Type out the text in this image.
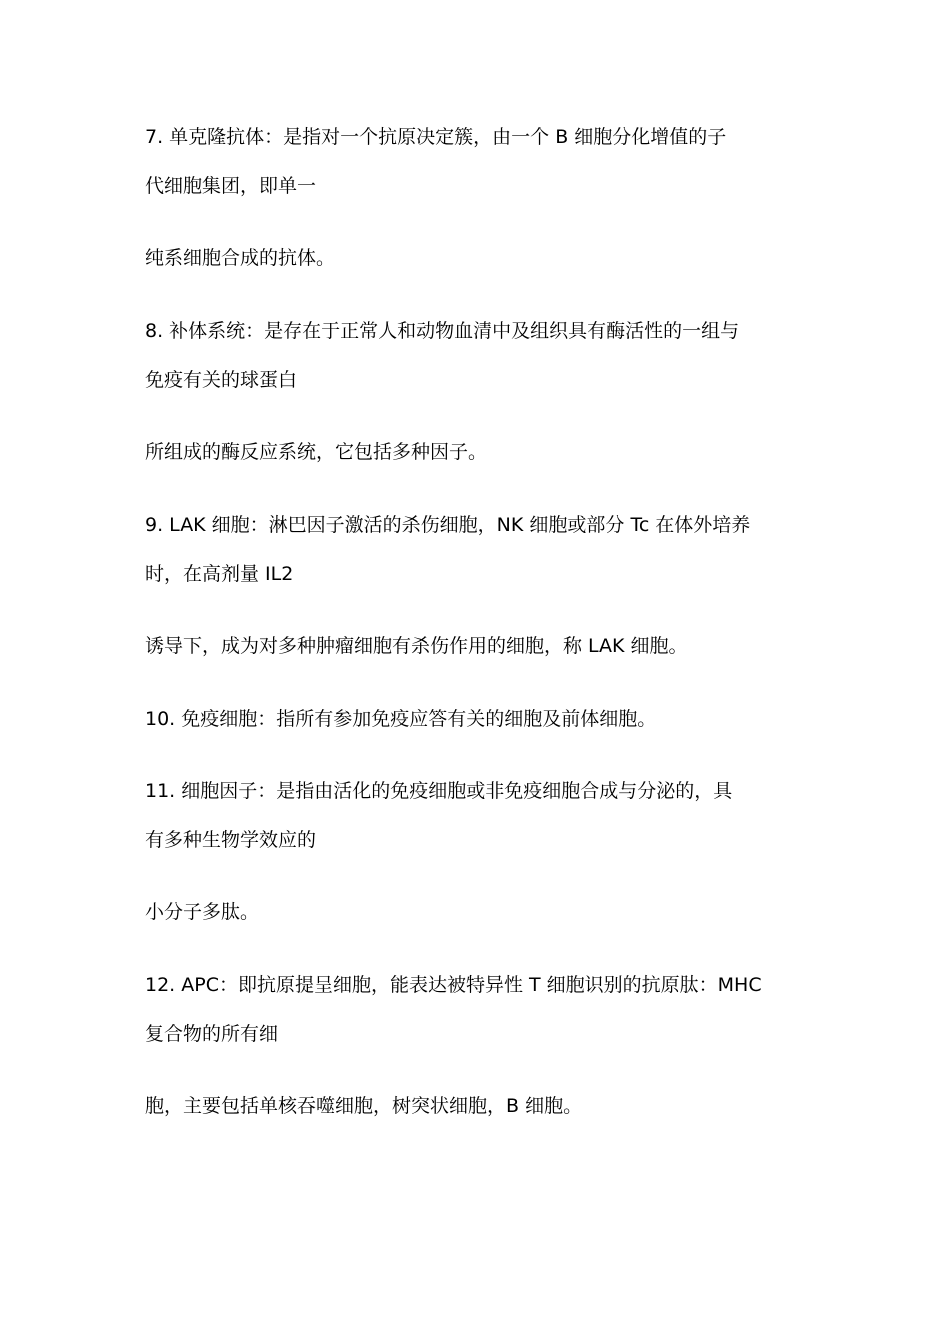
7. 单克隆抗体：是指对一个抗原决定簇，由一个 B 细胞分化增值的子
代细胞集团，即单一
纯系细胞合成的抗体。
8. 补体系统：是存在于正常人和动物血清中及组织具有酶活性的一组与
免疫有关的球蛋白
所组成的酶反应系统，它包括多种因子。
9. LAK 细胞：淋巴因子激活的杀伤细胞，NK 细胞或部分 Tc 在体外培养
时，在高剂量 IL2
诱导下，成为对多种肿瘤细胞有杀伤作用的细胞，称 LAK 细胞。
10. 免疫细胞：指所有参加免疫应答有关的细胞及前体细胞。
11. 细胞因子：是指由活化的免疫细胞或非免疫细胞合成与分泌的，具
有多种生物学效应的
小分子多肽。
12. APC：即抗原提呈细胞，能表达被特异性 T 细胞识别的抗原肽：MHC
复合物的所有细
胞，主要包括单核吞噬细胞，树突状细胞，B 细胞。
